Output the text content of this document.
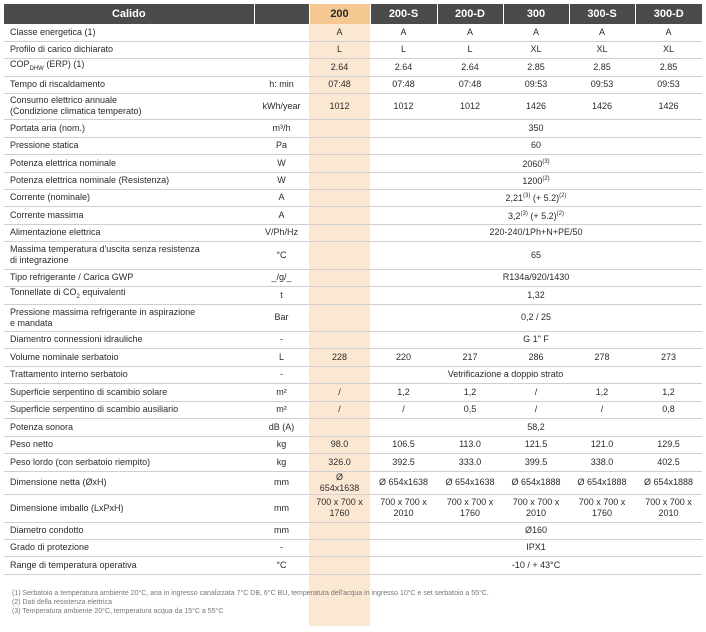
Calido		200	200-S	200-D	300	300-S	300-D
Classe energetica (1)		A	A	A	A	A	A
Profilo di carico dichiarato		L	L	L	XL	XL	XL
$COP_{DHW}$ (ERP) (1)		2.64	2.64	2.64	2.85	2.85	2.85
Tempo di riscaldamento	h: min	07:48	07:48	07:48	09:53	09:53	09:53
Consumo elettrico annuale
(Condizione climatica temperato)	kWh/year	1012	1012	1012	1426	1426	1426
Portata aria (nom.)	m³/h		350				
Pressione statica	Pa		60				
Potenza elettrica nominale	W		2060$^{(3)}$
Potenza elettrica nominale (Resistenza)	W		1200$^{(2)}$
Corrente (nominale)	A		2,21$^{(3)}$ (+ 5.2)$^{(2)}$
Corrente massima	A		3,2$^{(3)}$ (+ 5.2)$^{(2)}$
Alimentazione elettrica	V/Ph/Hz		220-240/1Ph+N+PE/50				
Massima temperatura d'uscita senza resistenza
di integrazione	°C		65				
Tipo refrigerante / Carica GWP	_/g/_		R134a/920/1430				
Tonnellate di $CO_2$ equivalenti	t		1,32				
Pressione massima refrigerante in aspirazione
e mandata	Bar		0,2 / 25				
Diamentro connessioni idrauliche	-		G 1" F				
Volume nominale serbatoio	L	228	220	217	286	278	273
Trattamento interno serbatoio	-	Vetrificazione a doppio strato					
Superficie serpentino di scambio solare	m²	/	1,2	1,2	/	1,2	1,2
Superficie serpentino di scambio ausiliario	m²	/	/	0,5	/	/	0,8
Potenza sonora	dB (A)		58,2				
Peso netto	kg	98.0	106.5	113.0	121.5	121.0	129.5
Peso lordo (con serbatoio riempito)	kg	326.0	392.5	333.0	399.5	338.0	402.5
Dimensione netta (ØxH)	mm	Ø 654x1638	Ø 654x1638	Ø 654x1638	Ø 654x1888	Ø 654x1888	Ø 654x1888
Dimensione imballo (LxPxH)	mm	700 x 700 x 1760	700 x 700 x 2010	700 x 700 x 1760	700 x 700 x 2010	700 x 700 x 1760	700 x 700 x 2010
Diametro condotto	mm		Ø160				
Grado di protezione	-		IPX1				
Range di temperatura operativa	°C		-10 / + 43°C				
(1) Serbatoio a temperatura ambiente 20°C, aria in ingresso canalizzata 7°C DB, 6°C BU, temperatura dell'acqua in ingresso 10°C e set serbatoio a 55°C.
(2) Dati della resistenza elettrica
(3) Temperatura ambiente 20°C, temperatura acqua da 15°C a 55°C
